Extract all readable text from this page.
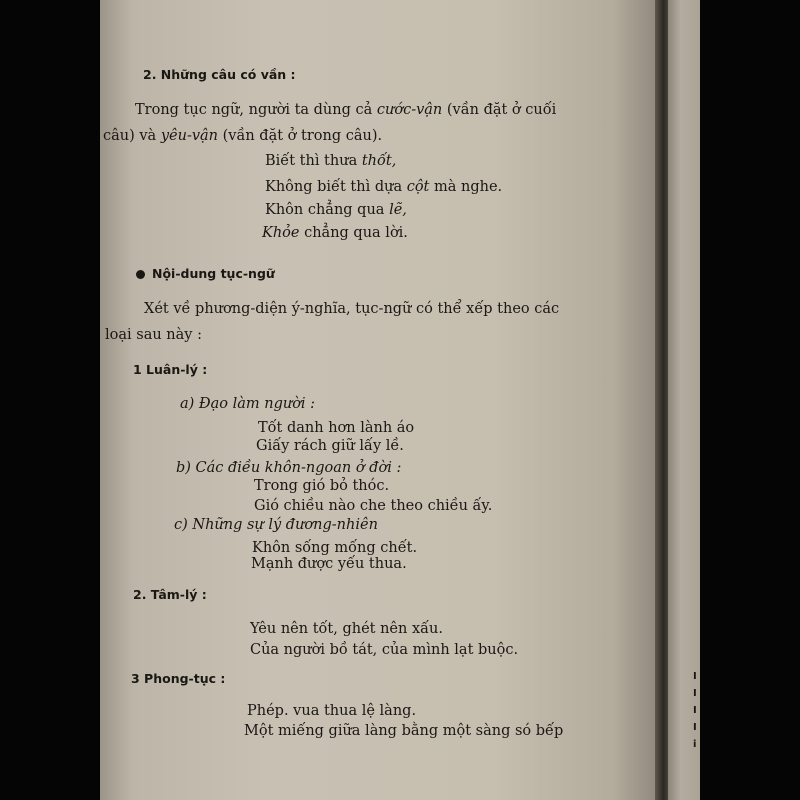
2. Những câu có vần :
Trong tục ngữ, người ta dùng cả cước-vận (vần đặt ở cuối
câu) và yêu-vận (vần đặt ở trong câu).
Biết thì thưa thốt,
Không biết thì dựa cột mà nghe.
Khôn chẳng qua lẽ,
Khỏe chẳng qua lời.
Nội-dung tục-ngữ
Xét về phương-diện ý-nghĩa, tục-ngữ có thể xếp theo các
loại sau này :
1 Luân-lý :
a) Đạo làm người :
Tốt danh hơn lành áo
Giấy rách giữ lấy lề.
b) Các điều khôn-ngoan ở đời :
Trong gió bỏ thóc.
Gió chiều nào che theo chiều ấy.
c) Những sự lý đương-nhiên
Khôn sống mống chết.
Mạnh được yếu thua.
2. Tâm-lý :
Yêu nên tốt, ghét nên xấu.
Của người bồ tát, của mình lạt buộc.
3 Phong-tục :
Phép. vua thua lệ làng.
Một miếng giữa làng bằng một sàng só bếp
I
I
I
I
i
